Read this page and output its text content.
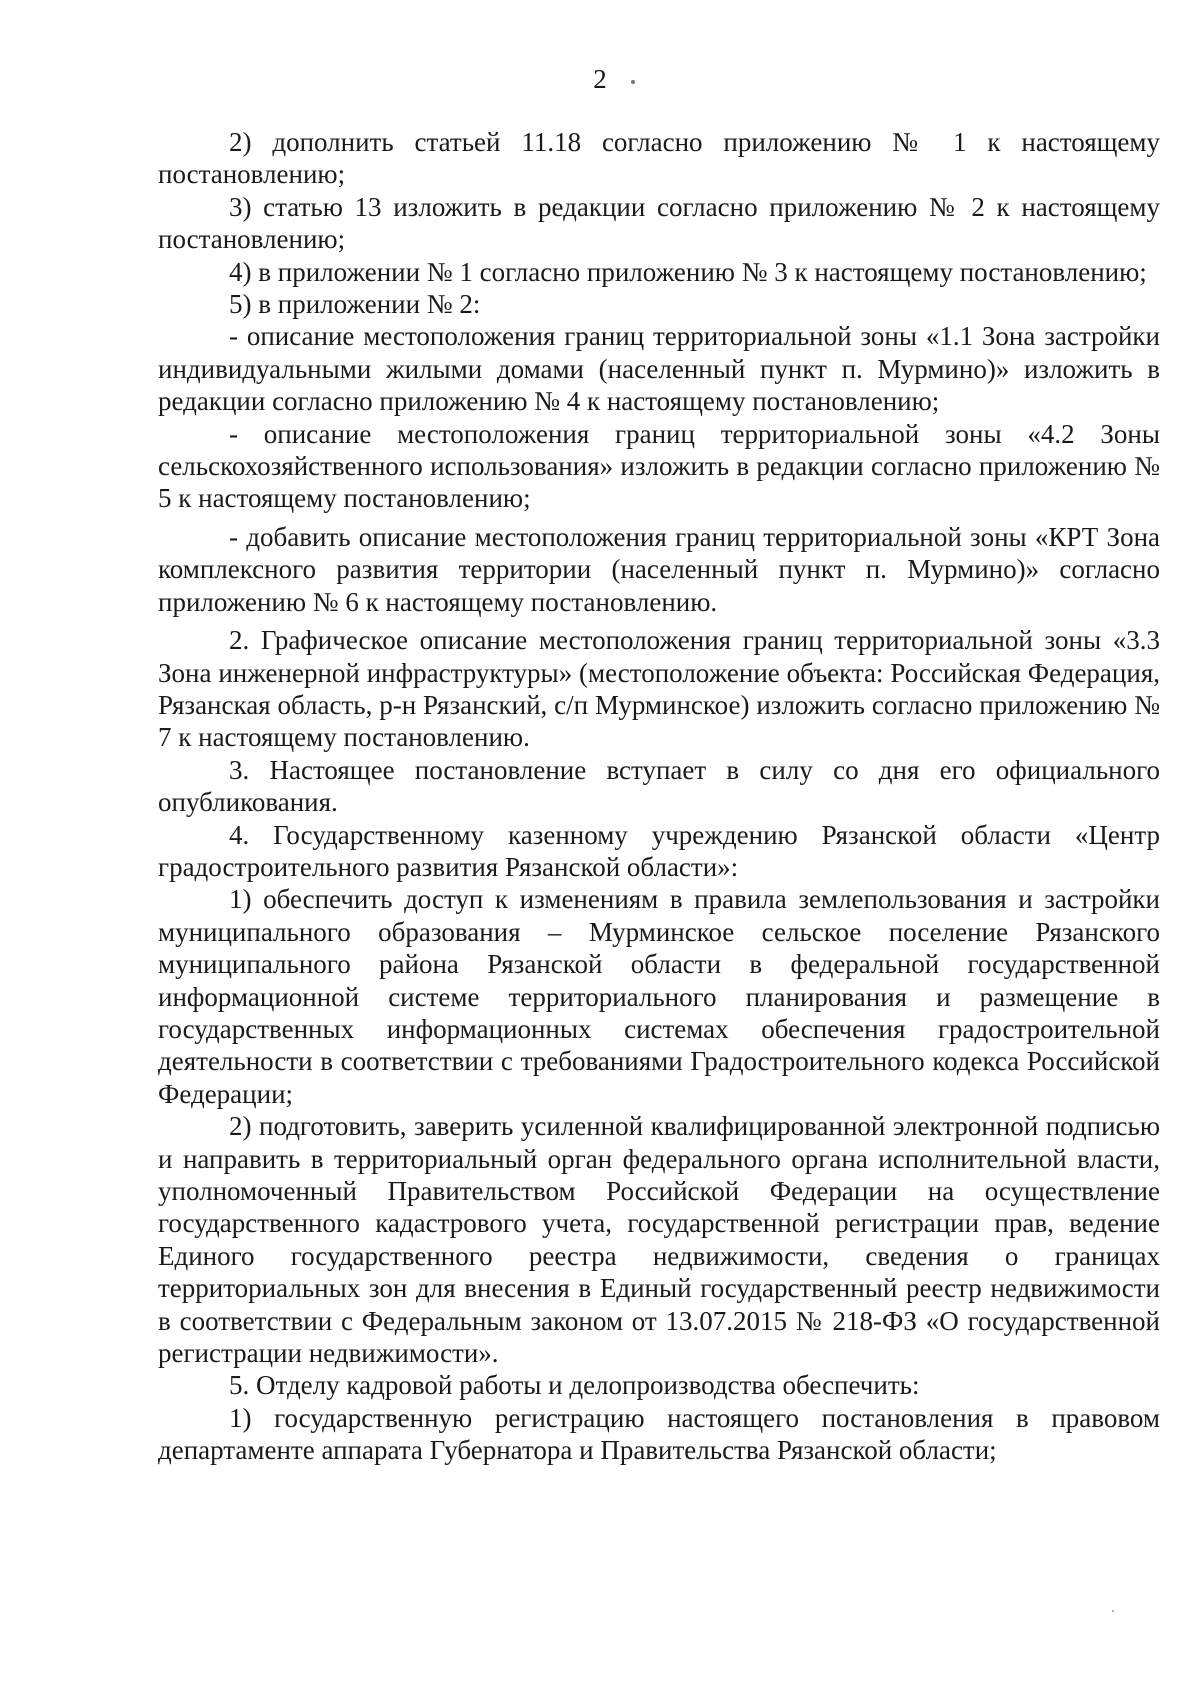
2

2) дополнить статьей 11.18 согласно приложению № 1 к настоящему постановлению;

3) статью 13 изложить в редакции согласно приложению № 2 к настоящему постановлению;

4) в приложении № 1 согласно приложению № 3 к настоящему постановлению;

5) в приложении № 2:

- описание местоположения границ территориальной зоны «1.1 Зона застройки индивидуальными жилыми домами (населенный пункт п. Мурмино)» изложить в редакции согласно приложению № 4 к настоящему постановлению;

- описание местоположения границ территориальной зоны «4.2 Зоны сельскохозяйственного использования» изложить в редакции согласно приложению № 5 к настоящему постановлению;

- добавить описание местоположения границ территориальной зоны «КРТ Зона комплексного развития территории (населенный пункт п. Мурмино)» согласно приложению № 6 к настоящему постановлению.

2. Графическое описание местоположения границ территориальной зоны «3.3 Зона инженерной инфраструктуры» (местоположение объекта: Российская Федерация, Рязанская область, р-н Рязанский, с/п Мурминское) изложить согласно приложению № 7 к настоящему постановлению.

3. Настоящее постановление вступает в силу со дня его официального опубликования.

4. Государственному казенному учреждению Рязанской области «Центр градостроительного развития Рязанской области»:

1) обеспечить доступ к изменениям в правила землепользования и застройки муниципального образования – Мурминское сельское поселение Рязанского муниципального района Рязанской области в федеральной государственной информационной системе территориального планирования и размещение в государственных информационных системах обеспечения градостроительной деятельности в соответствии с требованиями Градостроительного кодекса Российской Федерации;

2) подготовить, заверить усиленной квалифицированной электронной подписью и направить в территориальный орган федерального органа исполнительной власти, уполномоченный Правительством Российской Федерации на осуществление государственного кадастрового учета, государственной регистрации прав, ведение Единого государственного реестра недвижимости, сведения о границах территориальных зон для внесения в Единый государственный реестр недвижимости в соответствии с Федеральным законом от 13.07.2015 № 218-ФЗ «О государственной регистрации недвижимости».

5. Отделу кадровой работы и делопроизводства обеспечить:

1) государственную регистрацию настоящего постановления в правовом департаменте аппарата Губернатора и Правительства Рязанской области;
